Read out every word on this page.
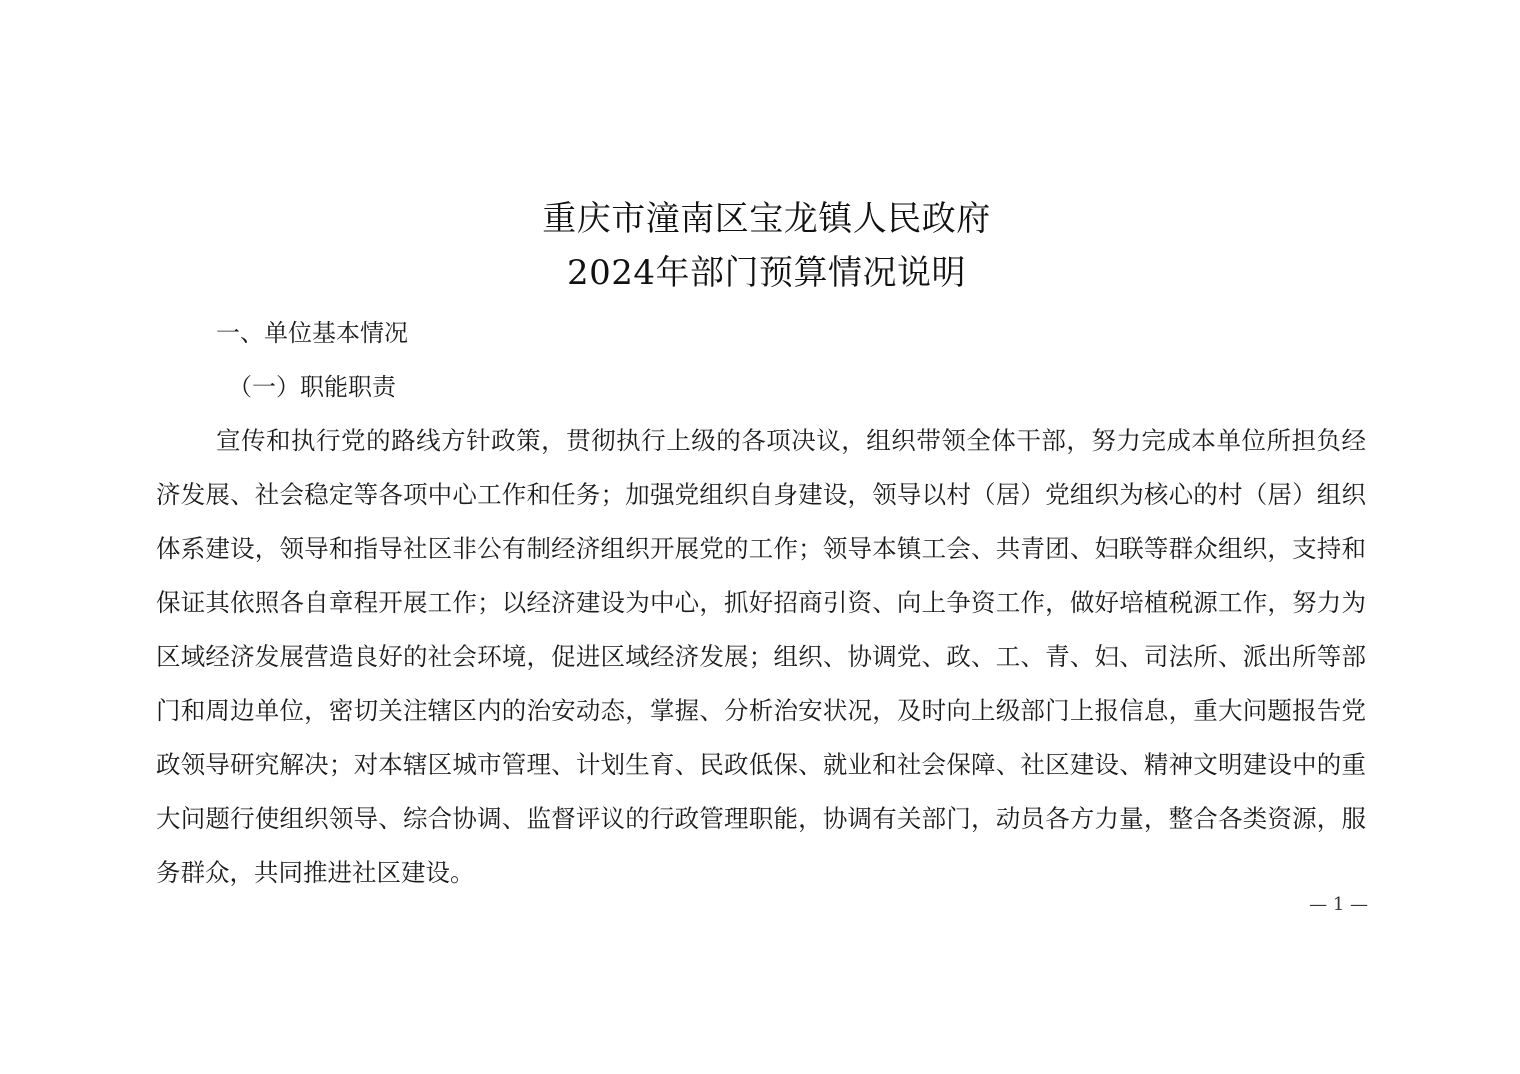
重庆市潼南区宝龙镇人民政府
2024年部门预算情况说明
一、单位基本情况
（一）职能职责

宣传和执行党的路线方针政策，贯彻执行上级的各项决议，组织带领全体干部，努力完成本单位所担负经济发展、社会稳定等各项中心工作和任务；加强党组织自身建设，领导以村（居）党组织为核心的村（居）组织体系建设，领导和指导社区非公有制经济组织开展党的工作；领导本镇工会、共青团、妇联等群众组织，支持和保证其依照各自章程开展工作；以经济建设为中心，抓好招商引资、向上争资工作，做好培植税源工作，努力为区域经济发展营造良好的社会环境，促进区域经济发展；组织、协调党、政、工、青、妇、司法所、派出所等部门和周边单位，密切关注辖区内的治安动态，掌握、分析治安状况，及时向上级部门上报信息，重大问题报告党政领导研究解决；对本辖区城市管理、计划生育、民政低保、就业和社会保障、社区建设、精神文明建设中的重大问题行使组织领导、综合协调、监督评议的行政管理职能，协调有关部门，动员各方力量，整合各类资源，服务群众，共同推进社区建设。

— 1 —
